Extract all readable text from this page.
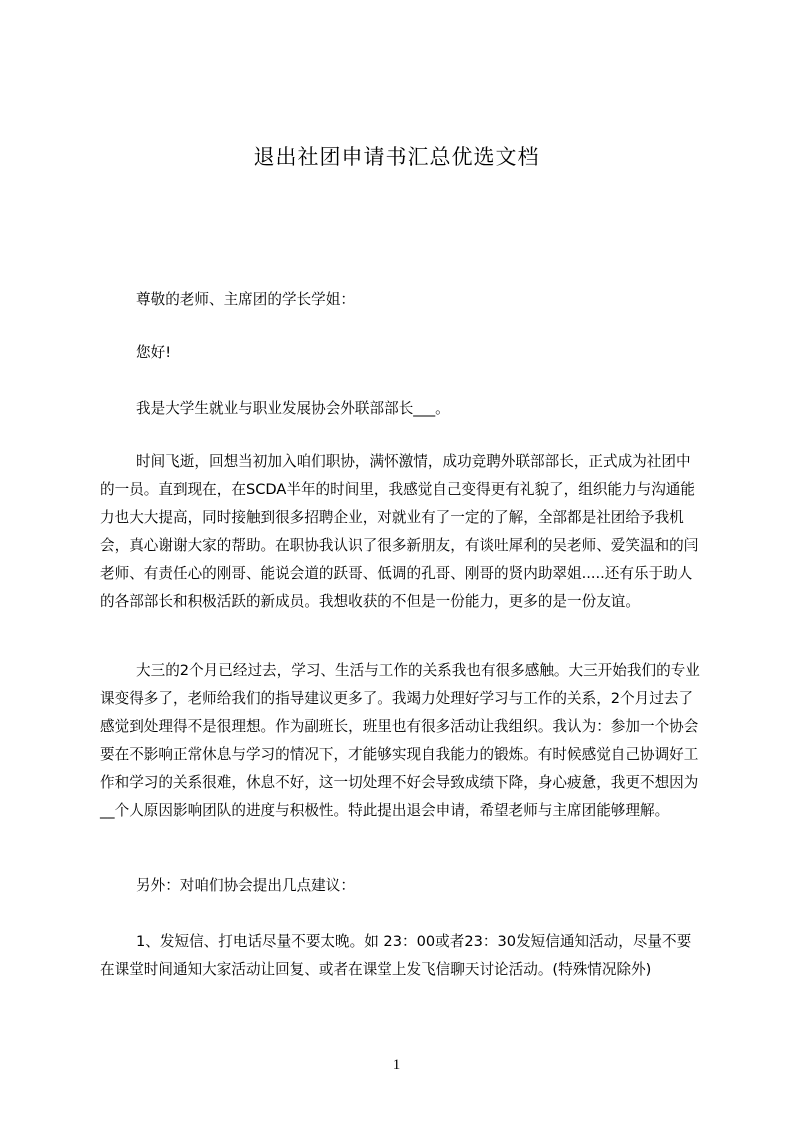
退出社团申请书汇总优选文档

尊敬的老师、主席团的学长学姐：

您好!

我是大学生就业与职业发展协会外联部部长___。

时间飞逝，回想当初加入咱们职协，满怀激情，成功竞聘外联部部长，正式成为社团中的一员。直到现在，在SCDA半年的时间里，我感觉自己变得更有礼貌了，组织能力与沟通能力也大大提高，同时接触到很多招聘企业，对就业有了一定的了解，全部都是社团给予我机会，真心谢谢大家的帮助。在职协我认识了很多新朋友，有谈吐犀利的吴老师、爱笑温和的闫老师、有责任心的刚哥、能说会道的跃哥、低调的孔哥、刚哥的贤内助翠姐.....还有乐于助人的各部部长和积极活跃的新成员。我想收获的不但是一份能力，更多的是一份友谊。

大三的2个月已经过去，学习、生活与工作的关系我也有很多感触。大三开始我们的专业课变得多了，老师给我们的指导建议更多了。我竭力处理好学习与工作的关系，2个月过去了感觉到处理得不是很理想。作为副班长，班里也有很多活动让我组织。我认为：参加一个协会要在不影响正常休息与学习的情况下，才能够实现自我能力的锻炼。有时候感觉自己协调好工作和学习的关系很难，休息不好，这一切处理不好会导致成绩下降，身心疲惫，我更不想因为__个人原因影响团队的进度与积极性。特此提出退会申请，希望老师与主席团能够理解。

另外：对咱们协会提出几点建议：

1、发短信、打电话尽量不要太晚。如 23：00或者23：30发短信通知活动，尽量不要在课堂时间通知大家活动让回复、或者在课堂上发飞信聊天讨论活动。(特殊情况除外)

1
